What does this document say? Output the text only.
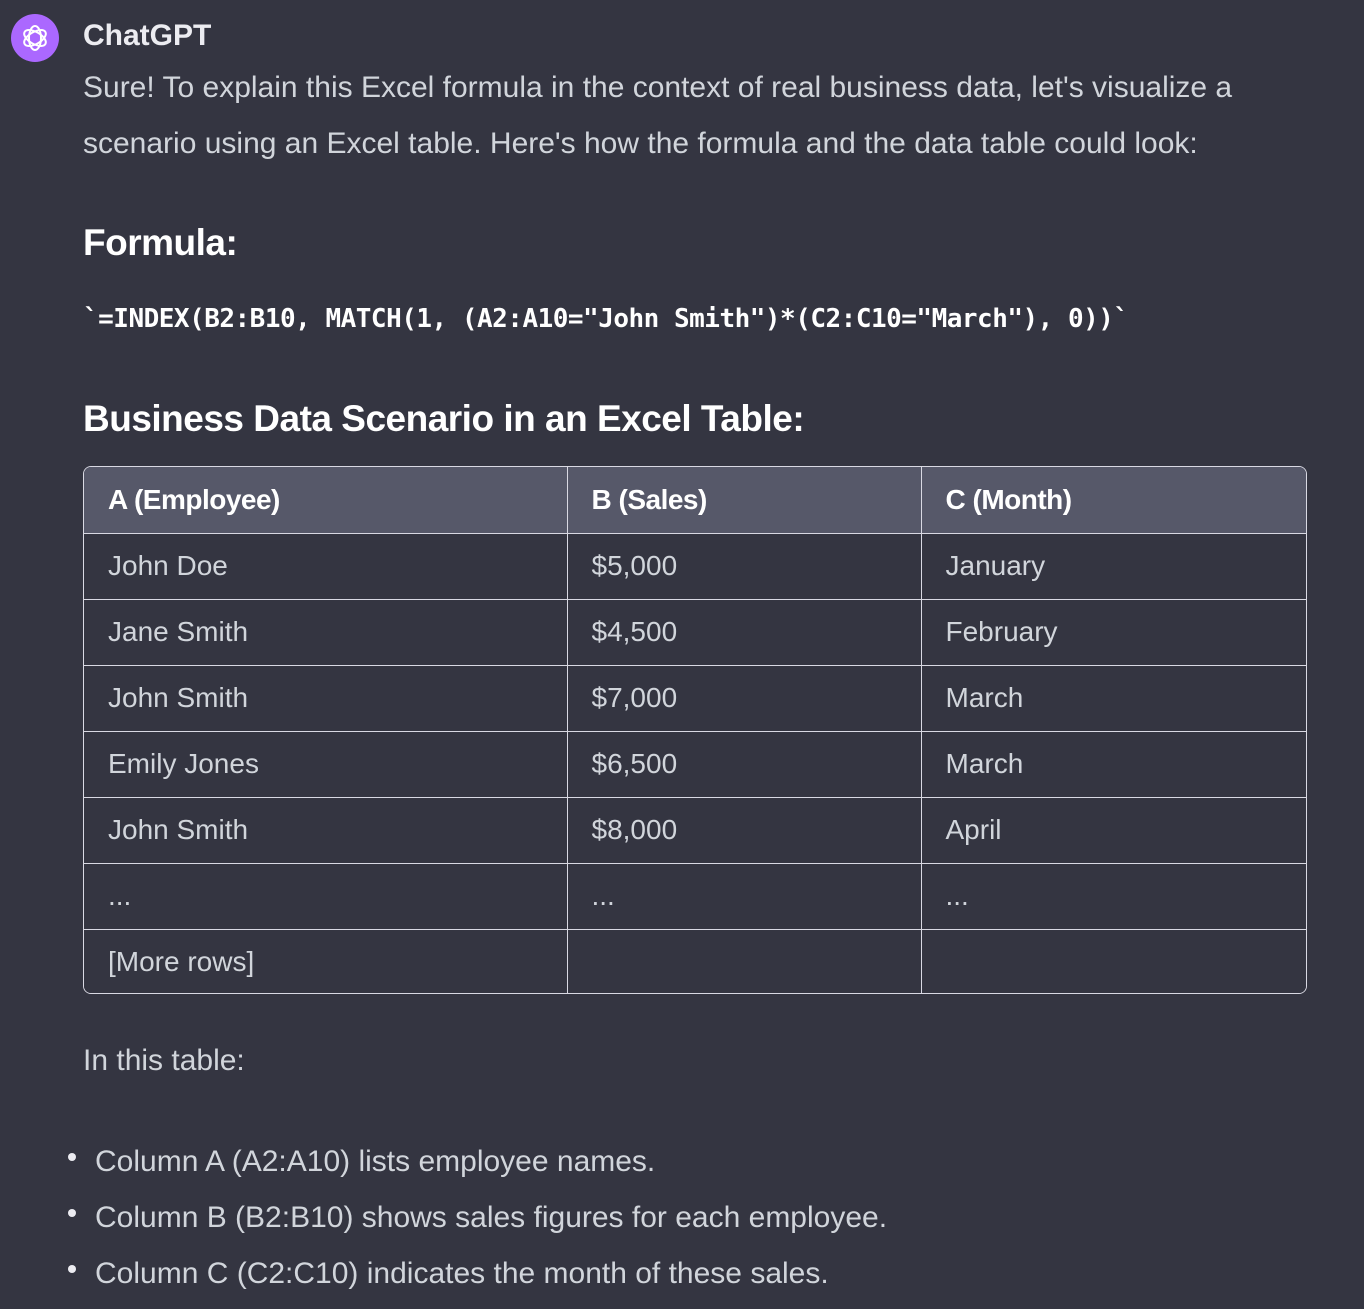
ChatGPT
Sure! To explain this Excel formula in the context of real business data, let's visualize a scenario using an Excel table. Here's how the formula and the data table could look:
Formula:
`=INDEX(B2:B10, MATCH(1, (A2:A10="John Smith")*(C2:C10="March"), 0))`
Business Data Scenario in an Excel Table:
A (Employee)	B (Sales)	C (Month)
John Doe	$5,000	January
Jane Smith	$4,500	February
John Smith	$7,000	March
Emily Jones	$6,500	March
John Smith	$8,000	April
...	...	...
[More rows]		
In this table:
Column A (A2:A10) lists employee names.
Column B (B2:B10) shows sales figures for each employee.
Column C (C2:C10) indicates the month of these sales.
